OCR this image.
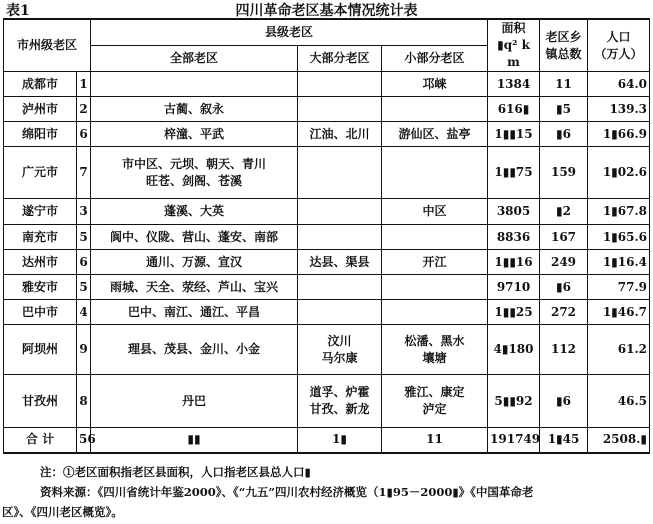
表1	四川革命老区基本情况统计表
市州级老区		县级老区			面积
▮q² k m	老区乡
镇总数	人口
（万人）
		全部老区	大部分老区	小部分老区			
成都市	1			邛崃	1384	11	64.0
泸州市	2	古蔺、叙永			616▮	▮5	139.3
绵阳市	6	梓潼、平武	江油、北川	游仙区、盐亭	1▮▮15	▮6	1▮66.9
广元市	7	市中区、元坝、朝天、青川
旺苍、剑阁、苍溪			1▮▮75	159	1▮02.6
遂宁市	3	蓬溪、大英		中区	3805	▮2	1▮67.8
南充市	5	阆中、仪陇、营山、蓬安、南部			8836	167	1▮65.6
达州市	6	通川、万源、宣汉	达县、渠县	开江	1▮▮16	249	1▮16.4
雅安市	5	雨城、天全、荥经、芦山、宝兴			9710	▮6	77.9
巴中市	4	巴中、南江、通江、平昌			1▮▮25	272	1▮46.7
阿坝州	9	理县、茂县、金川、小金	汶川
马尔康	松潘、黑水
壤塘	4▮180	112	61.2
甘孜州	8	丹巴	道孚、炉霍
甘孜、新龙	雅江、康定
泸定	5▮▮92	▮6	46.5
合 计	56	▮▮	1▮	11	191749	1▮45	2508.▮
注：①老区面积指老区县面积，人口指老区县总人口▮
资料来源：《四川省统计年鉴2000》、《“九五”四川农村经济概览（1▮95－2000▮》《中国革命老
区》、《四川老区概览》。
